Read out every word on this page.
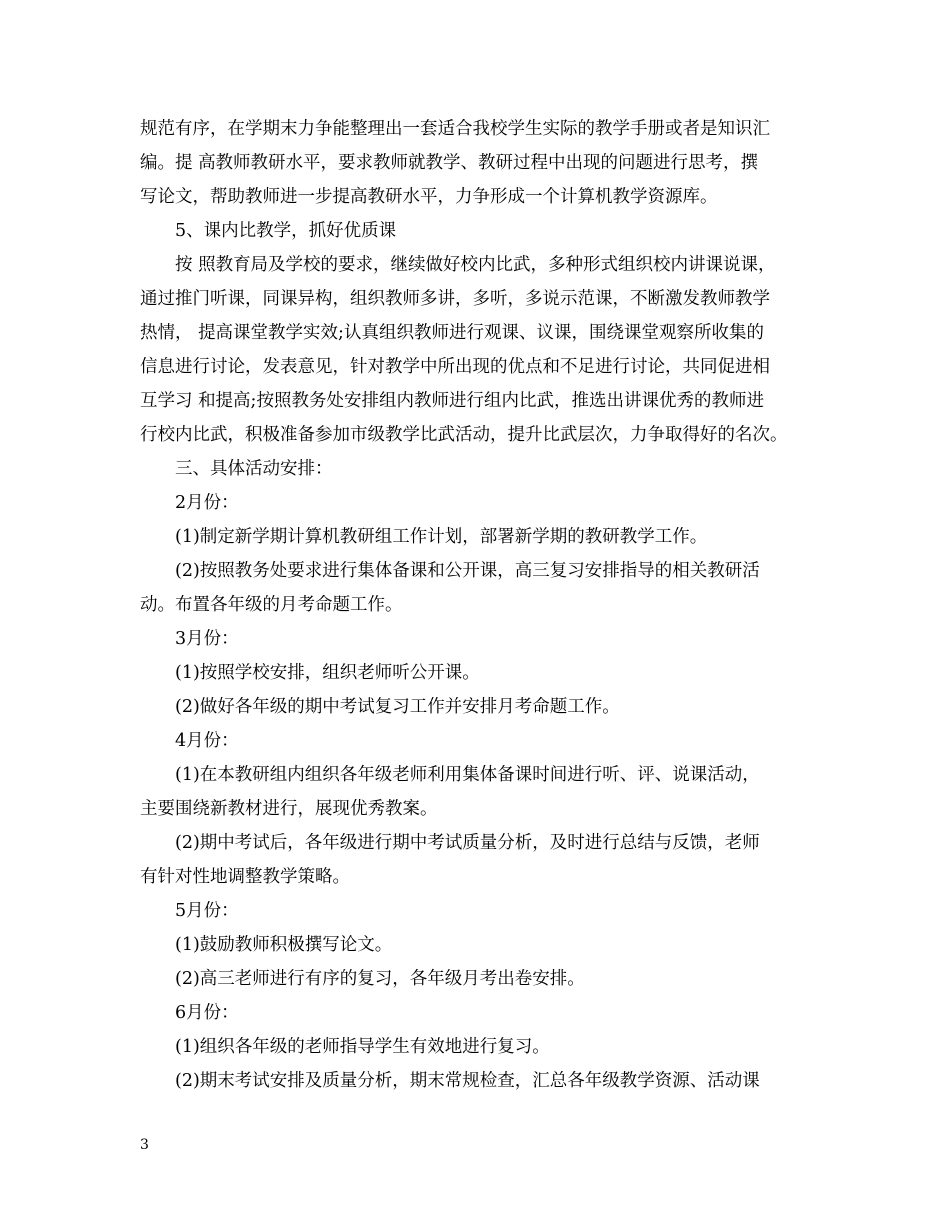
规范有序，在学期末力争能整理出一套适合我校学生实际的教学手册或者是知识汇
编。提 高教师教研水平，要求教师就教学、教研过程中出现的问题进行思考，撰
写论文，帮助教师进一步提高教研水平，力争形成一个计算机教学资源库。
5、课内比教学，抓好优质课
按 照教育局及学校的要求，继续做好校内比武，多种形式组织校内讲课说课，
通过推门听课，同课异构，组织教师多讲，多听，多说示范课，不断激发教师教学
热情， 提高课堂教学实效;认真组织教师进行观课、议课，围绕课堂观察所收集的
信息进行讨论，发表意见，针对教学中所出现的优点和不足进行讨论，共同促进相
互学习 和提高;按照教务处安排组内教师进行组内比武，推选出讲课优秀的教师进
行校内比武，积极准备参加市级教学比武活动，提升比武层次，力争取得好的名次。
三、具体活动安排：
2月份：
(1)制定新学期计算机教研组工作计划，部署新学期的教研教学工作。
(2)按照教务处要求进行集体备课和公开课，高三复习安排指导的相关教研活
动。布置各年级的月考命题工作。
3月份：
(1)按照学校安排，组织老师听公开课。
(2)做好各年级的期中考试复习工作并安排月考命题工作。
4月份：
(1)在本教研组内组织各年级老师利用集体备课时间进行听、评、说课活动，
主要围绕新教材进行，展现优秀教案。
(2)期中考试后，各年级进行期中考试质量分析，及时进行总结与反馈，老师
有针对性地调整教学策略。
5月份：
(1)鼓励教师积极撰写论文。
(2)高三老师进行有序的复习，各年级月考出卷安排。
6月份：
(1)组织各年级的老师指导学生有效地进行复习。
(2)期末考试安排及质量分析，期末常规检查，汇总各年级教学资源、活动课
3
